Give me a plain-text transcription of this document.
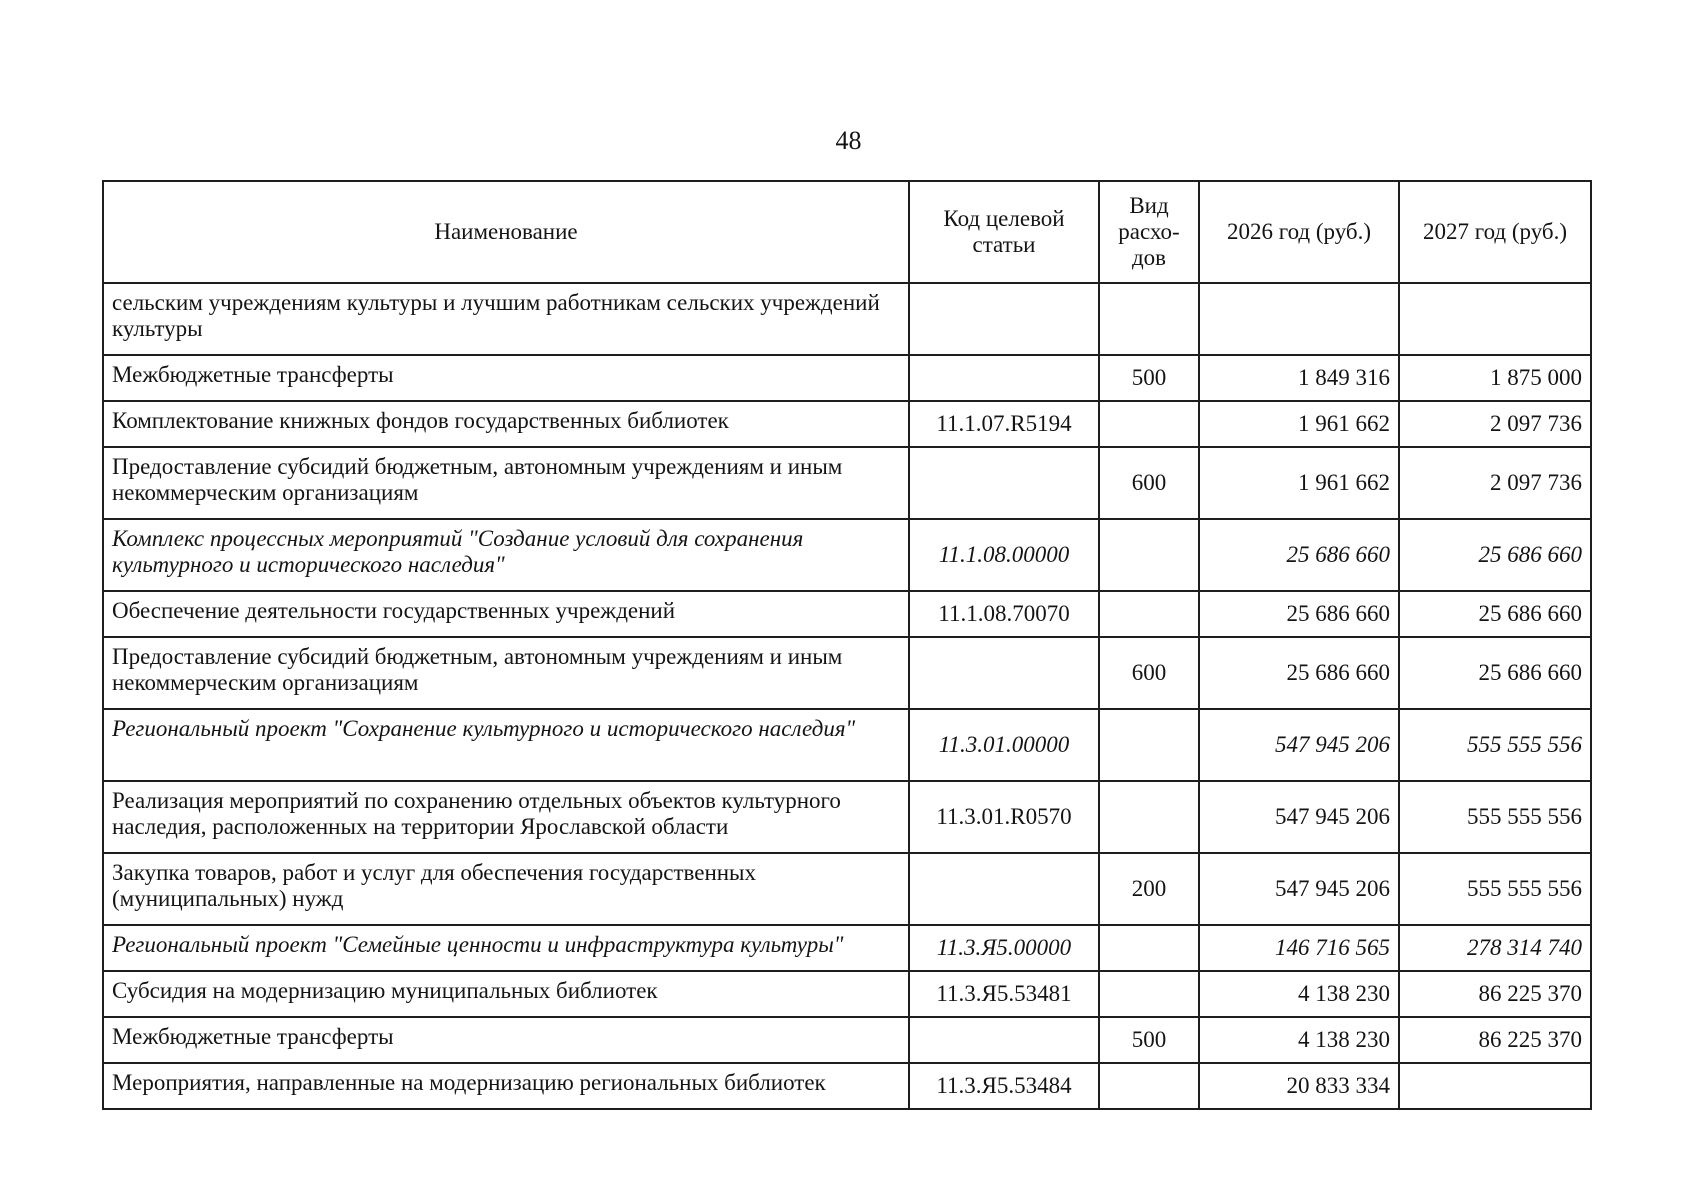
48
Наименование	Код целевой статьи	Вид расхо-дов	2026 год (руб.)	2027 год (руб.)
сельским учреждениям культуры и лучшим работникам сельских учреждений культуры				
Межбюджетные трансферты		500	1 849 316	1 875 000
Комплектование книжных фондов государственных библиотек	11.1.07.R5194		1 961 662	2 097 736
Предоставление субсидий бюджетным, автономным учреждениям и иным некоммерческим организациям		600	1 961 662	2 097 736
Комплекс процессных мероприятий "Создание условий для сохранения культурного и исторического наследия"	11.1.08.00000		25 686 660	25 686 660
Обеспечение деятельности государственных учреждений	11.1.08.70070		25 686 660	25 686 660
Предоставление субсидий бюджетным, автономным учреждениям и иным некоммерческим организациям		600	25 686 660	25 686 660
Региональный проект "Сохранение культурного и исторического наследия"	11.3.01.00000		547 945 206	555 555 556
Реализация мероприятий по сохранению отдельных объектов культурного наследия, расположенных на территории Ярославской области	11.3.01.R0570		547 945 206	555 555 556
Закупка товаров, работ и услуг для обеспечения государственных (муниципальных) нужд		200	547 945 206	555 555 556
Региональный проект "Семейные ценности и инфраструктура культуры"	11.3.Я5.00000		146 716 565	278 314 740
Субсидия на модернизацию муниципальных библиотек	11.3.Я5.53481		4 138 230	86 225 370
Межбюджетные трансферты		500	4 138 230	86 225 370
Мероприятия, направленные на модернизацию региональных библиотек	11.3.Я5.53484		20 833 334	
